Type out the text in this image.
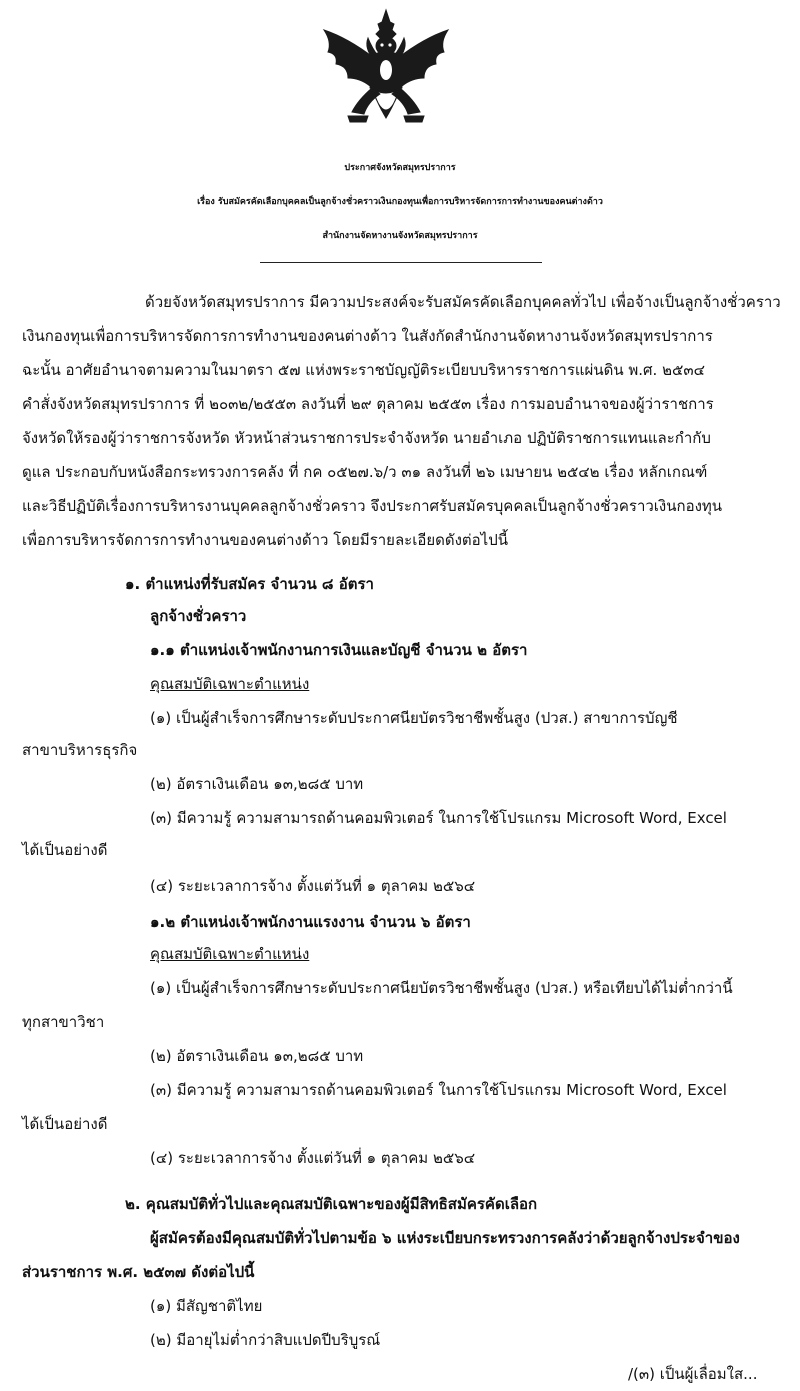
ประกาศจังหวัดสมุทรปราการ
เรื่อง รับสมัครคัดเลือกบุคคลเป็นลูกจ้างชั่วคราวเงินกองทุนเพื่อการบริหารจัดการการทำงานของคนต่างด้าว
สำนักงานจัดหางานจังหวัดสมุทรปราการ
ด้วยจังหวัดสมุทรปราการ มีความประสงค์จะรับสมัครคัดเลือกบุคคลทั่วไป เพื่อจ้างเป็นลูกจ้างชั่วคราว
เงินกองทุนเพื่อการบริหารจัดการการทำงานของคนต่างด้าว ในสังกัดสำนักงานจัดหางานจังหวัดสมุทรปราการ
ฉะนั้น อาศัยอำนาจตามความในมาตรา ๕๗ แห่งพระราชบัญญัติระเบียบบริหารราชการแผ่นดิน พ.ศ. ๒๕๓๔
คำสั่งจังหวัดสมุทรปราการ ที่ ๒๐๓๒/๒๕๕๓ ลงวันที่ ๒๙ ตุลาคม ๒๕๕๓ เรื่อง การมอบอำนาจของผู้ว่าราชการ
จังหวัดให้รองผู้ว่าราชการจังหวัด หัวหน้าส่วนราชการประจำจังหวัด นายอำเภอ ปฏิบัติราชการแทนและกำกับ
ดูแล ประกอบกับหนังสือกระทรวงการคลัง ที่ กค ๐๕๒๗.๖/ว ๓๑ ลงวันที่ ๒๖ เมษายน ๒๕๔๒ เรื่อง หลักเกณฑ์
และวิธีปฏิบัติเรื่องการบริหารงานบุคคลลูกจ้างชั่วคราว จึงประกาศรับสมัครบุคคลเป็นลูกจ้างชั่วคราวเงินกองทุน
เพื่อการบริหารจัดการการทำงานของคนต่างด้าว โดยมีรายละเอียดดังต่อไปนี้
๑. ตำแหน่งที่รับสมัคร จำนวน ๘ อัตรา
ลูกจ้างชั่วคราว
๑.๑ ตำแหน่งเจ้าพนักงานการเงินและบัญชี จำนวน ๒ อัตรา
คุณสมบัติเฉพาะตำแหน่ง
(๑) เป็นผู้สำเร็จการศึกษาระดับประกาศนียบัตรวิชาชีพชั้นสูง (ปวส.) สาขาการบัญชี
สาขาบริหารธุรกิจ
(๒) อัตราเงินเดือน ๑๓,๒๘๕ บาท
(๓) มีความรู้ ความสามารถด้านคอมพิวเตอร์ ในการใช้โปรแกรม Microsoft Word, Excel
ได้เป็นอย่างดี
(๔) ระยะเวลาการจ้าง ตั้งแต่วันที่ ๑ ตุลาคม ๒๕๖๔
๑.๒ ตำแหน่งเจ้าพนักงานแรงงาน จำนวน ๖ อัตรา
คุณสมบัติเฉพาะตำแหน่ง
(๑) เป็นผู้สำเร็จการศึกษาระดับประกาศนียบัตรวิชาชีพชั้นสูง (ปวส.) หรือเทียบได้ไม่ต่ำกว่านี้
ทุกสาขาวิชา
(๒) อัตราเงินเดือน ๑๓,๒๘๕ บาท
(๓) มีความรู้ ความสามารถด้านคอมพิวเตอร์ ในการใช้โปรแกรม Microsoft Word, Excel
ได้เป็นอย่างดี
(๔) ระยะเวลาการจ้าง ตั้งแต่วันที่ ๑ ตุลาคม ๒๕๖๔
๒. คุณสมบัติทั่วไปและคุณสมบัติเฉพาะของผู้มีสิทธิสมัครคัดเลือก
ผู้สมัครต้องมีคุณสมบัติทั่วไปตามข้อ ๖ แห่งระเบียบกระทรวงการคลังว่าด้วยลูกจ้างประจำของ
ส่วนราชการ พ.ศ. ๒๕๓๗ ดังต่อไปนี้
(๑) มีสัญชาติไทย
(๒) มีอายุไม่ต่ำกว่าสิบแปดปีบริบูรณ์
/(๓) เป็นผู้เลื่อมใส...
